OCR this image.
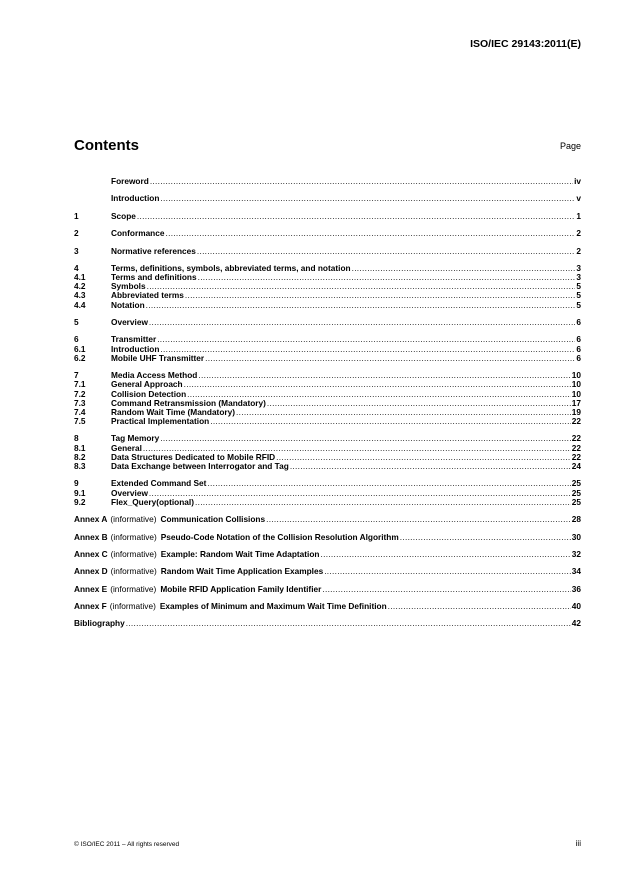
ISO/IEC 29143:2011(E)
Contents	Page
Foreword .....	iv
Introduction .....	v
1	Scope .....	1
2	Conformance .....	2
3	Normative references .....	2
4	Terms, definitions, symbols, abbreviated terms, and notation .....	3
4.1	Terms and definitions .....	3
4.2	Symbols .....	5
4.3	Abbreviated terms .....	5
4.4	Notation .....	5
5	Overview .....	6
6	Transmitter .....	6
6.1	Introduction .....	6
6.2	Mobile UHF Transmitter .....	6
7	Media Access Method .....	10
7.1	General Approach .....	10
7.2	Collision Detection .....	10
7.3	Command Retransmission (Mandatory) .....	17
7.4	Random Wait Time (Mandatory) .....	19
7.5	Practical Implementation .....	22
8	Tag Memory .....	22
8.1	General .....	22
8.2	Data Structures Dedicated to Mobile RFID .....	22
8.3	Data Exchange between Interrogator and Tag .....	24
9	Extended Command Set .....	25
9.1	Overview .....	25
9.2	Flex_Query(optional) .....	25
Annex A (informative) Communication Collisions .....	28
Annex B (informative) Pseudo-Code Notation of the Collision Resolution Algorithm .....	30
Annex C (informative) Example: Random Wait Time Adaptation .....	32
Annex D (informative) Random Wait Time Application Examples .....	34
Annex E (informative) Mobile RFID Application Family Identifier .....	36
Annex F (informative) Examples of Minimum and Maximum Wait Time Definition .....	40
Bibliography .....	42
© ISO/IEC 2011 – All rights reserved	iii
